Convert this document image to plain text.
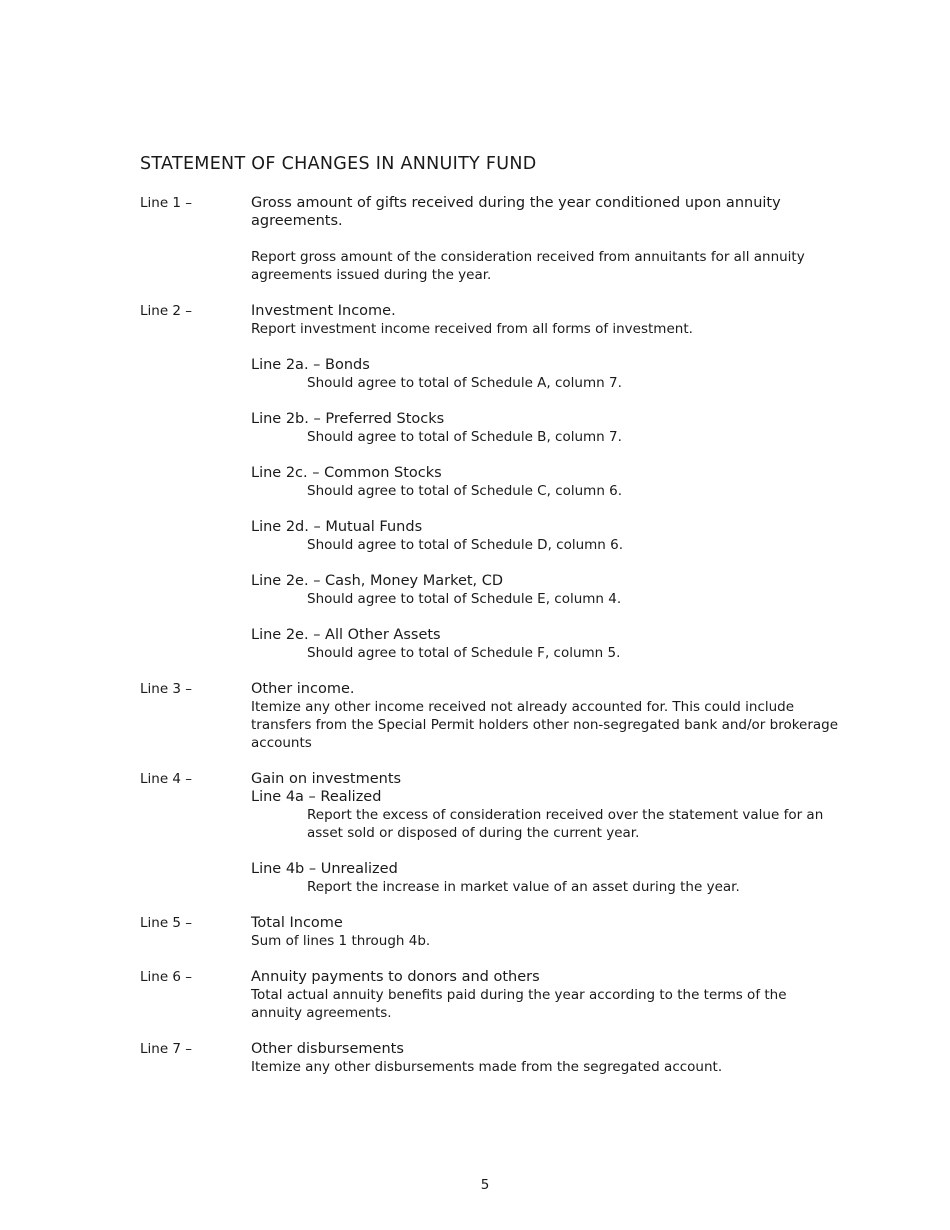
STATEMENT OF CHANGES IN ANNUITY FUND
Line 1 –	Gross amount of gifts received during the year conditioned upon annuity agreements.
Report gross amount of the consideration received from annuitants for all annuity agreements issued during the year.
Line 2 –	Investment Income.
Report investment income received from all forms of investment.
Line 2a. – Bonds
Should agree to total of Schedule A, column 7.
Line 2b. – Preferred Stocks
Should agree to total of Schedule B, column 7.
Line 2c. – Common Stocks
Should agree to total of Schedule C, column 6.
Line 2d. – Mutual Funds
Should agree to total of Schedule D, column 6.
Line 2e. – Cash, Money Market, CD
Should agree to total of Schedule E, column 4.
Line 2e. – All Other Assets
Should agree to total of Schedule F, column 5.
Line 3 –	Other income.
Itemize any other income received not already accounted for. This could include transfers from the Special Permit holders other non-segregated bank and/or brokerage accounts
Line 4 –	Gain on investments
Line 4a – Realized
Report the excess of consideration received over the statement value for an asset sold or disposed of during the current year.
Line 4b – Unrealized
Report the increase in market value of an asset during the year.
Line 5 –	Total Income
Sum of lines 1 through 4b.
Line 6 –	Annuity payments to donors and others
Total actual annuity benefits paid during the year according to the terms of the annuity agreements.
Line 7 –	Other disbursements
Itemize any other disbursements made from the segregated account.
5
